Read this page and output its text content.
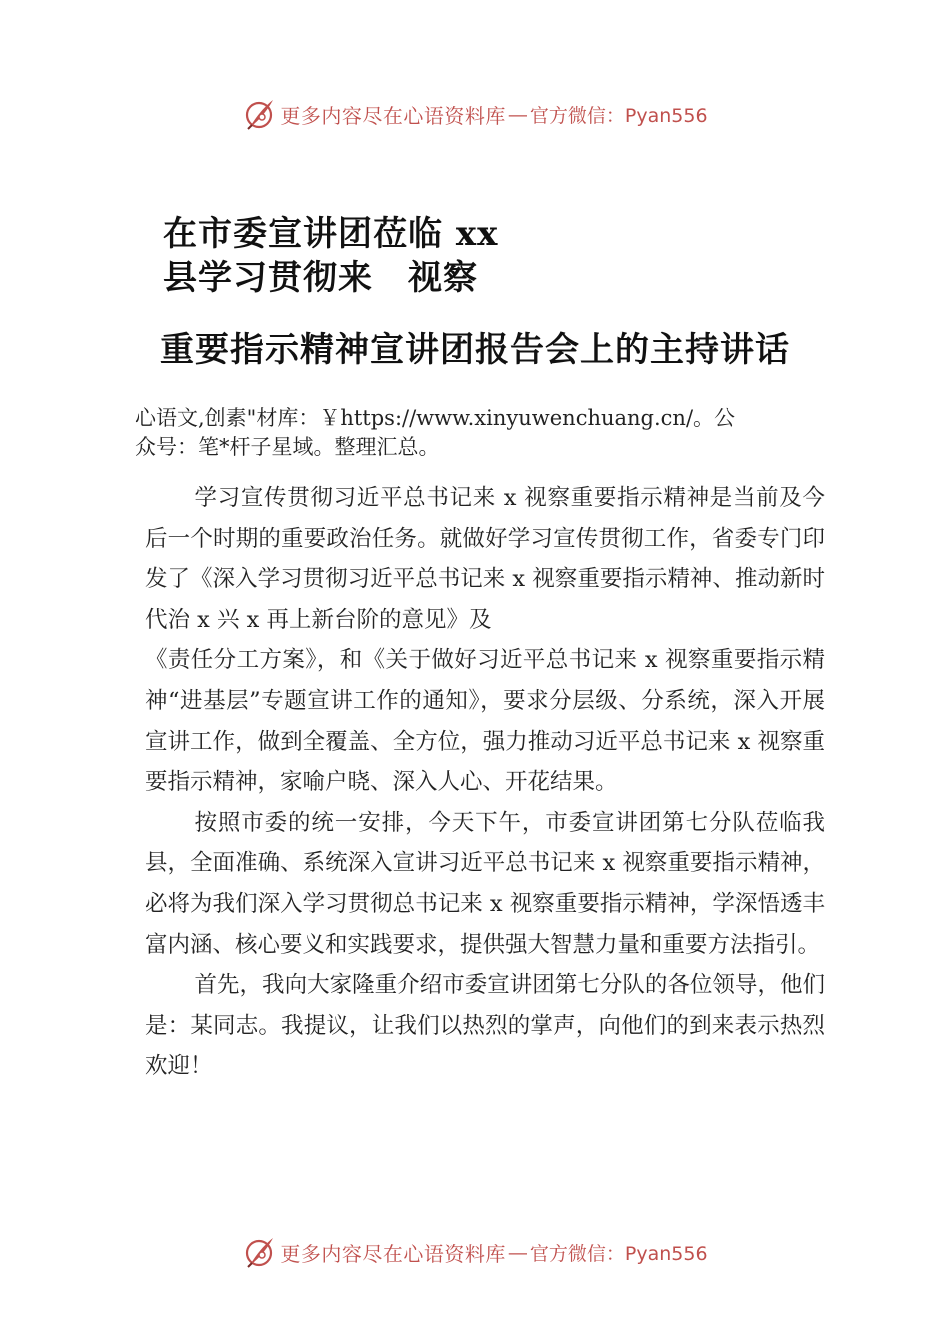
更多内容尽在心语资料库 — 官方微信：Pyan556
在市委宣讲团莅临 xx
县学习贯彻来　视察
重要指示精神宣讲团报告会上的主持讲话
心语文,创素"材库：￥https://www.xinyuwenchuang.cn/。公
众号：笔*杆子星域。整理汇总。

学习宣传贯彻习近平总书记来 x 视察重要指示精神是当前及今后一个时期的重要政治任务。就做好学习宣传贯彻工作，省委专门印发了《深入学习贯彻习近平总书记来 x 视察重要指示精神、推动新时代治 x 兴 x 再上新台阶的意见》及

《责任分工方案》，和《关于做好习近平总书记来 x 视察重要指示精神“进基层”专题宣讲工作的通知》，要求分层级、分系统，深入开展宣讲工作，做到全覆盖、全方位，强力推动习近平总书记来 x 视察重要指示精神，家喻户晓、深入人心、开花结果。

按照市委的统一安排，今天下午，市委宣讲团第七分队莅临我县，全面准确、系统深入宣讲习近平总书记来 x 视察重要指示精神，必将为我们深入学习贯彻总书记来 x 视察重要指示精神，学深悟透丰富内涵、核心要义和实践要求，提供强大智慧力量和重要方法指引。

首先，我向大家隆重介绍市委宣讲团第七分队的各位领导，他们是：某同志。我提议，让我们以热烈的掌声，向他们的到来表示热烈欢迎！

更多内容尽在心语资料库 — 官方微信：Pyan556
